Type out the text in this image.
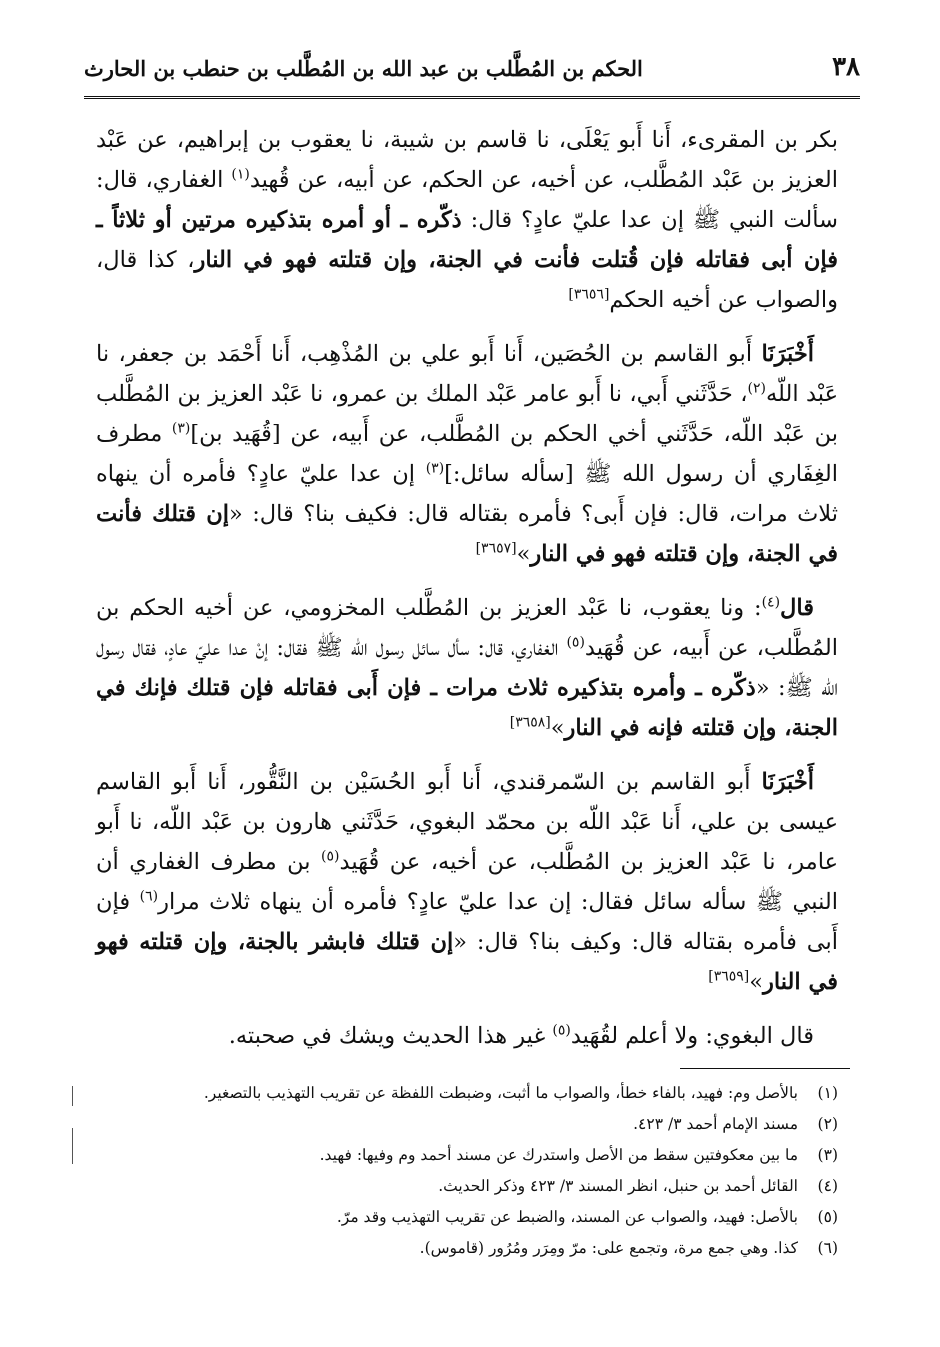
٣٨
الحكم بن المُطَّلب بن عبد الله بن المُطَّلب بن حنطب بن الحارث

بكر بن المقرىء، أَنا أَبو يَعْلَى، نا قاسم بن شيبة، نا يعقوب بن إبراهيم، عن عَبْد العزيز بن عَبْد المُطَّلب، عن أخيه، عن الحكم، عن أبيه، عن قُهيد$^{(١)}$ الغفاري، قال: سألت النبي ﷺ إن عدا عليّ عادٍ؟ قال: ذكّره ـ أو أمره بتذكيره مرتين أو ثلاثاً ـ فإن أبى فقاتله فإن قُتلت فأنت في الجنة، وإن قتلته فهو في النار، كذا قال، والصواب عن أخيه الحكم[٣٦٥٦]

أَخْبَرَنَا أَبو القاسم بن الحُصَين، أَنا أَبو علي بن المُذْهِب، أَنا أَحْمَد بن جعفر، نا عَبْد اللّه$^{(٢)}$، حَدَّثَني أَبي، نا أَبو عامر عَبْد الملك بن عمرو، نا عَبْد العزيز بن المُطَّلب بن عَبْد اللّه، حَدَّثَني أخي الحكم بن المُطَّلب، عن أَبيه، عن [قُهَيد بن]$^{(٣)}$ مطرف الغِفَاري أن رسول الله ﷺ [سأله سائل:]$^{(٣)}$ إن عدا عليّ عادٍ؟ فأمره أن ينهاه ثلاث مرات، قال: فإن أَبى؟ فأمره بقتاله قال: فكيف بنا؟ قال: «إن قتلك فأنت في الجنة، وإن قتلته فهو في النار»[٣٦٥٧]

قال$^{(٤)}$: ونا يعقوب، نا عَبْد العزيز بن المُطَّلب المخزومي، عن أخيه الحكم بن المُطَّلب، عن أَبيه، عن قُهَيد$^{(٥)}$ الغفاري، قال: سأل سائل رسول الله ﷺ فقال: إنْ عدا عليّ عادٍ، فقال رسول الله ﷺ: «ذكّره ـ وأمره بتذكيره ثلاث مرات ـ فإن أَبى فقاتله فإن قتلك فإنك في الجنة، وإن قتلته فإنه في النار»[٣٦٥٨]

أَخْبَرَنَا أَبو القاسم بن السّمرقندي، أَنا أَبو الحُسَيْن بن النَّقُّور، أَنا أَبو القاسم عيسى بن علي، أَنا عَبْد اللّه بن محمّد البغوي، حَدَّثَني هارون بن عَبْد اللّه، نا أَبو عامر، نا عَبْد العزيز بن المُطَّلب، عن أخيه، عن قُهَيد$^{(٥)}$ بن مطرف الغفاري أن النبي ﷺ سأله سائل فقال: إن عدا عليّ عادٍ؟ فأمره أن ينهاه ثلاث مرار$^{(٦)}$ فإن أَبى فأمره بقتاله قال: وكيف بنا؟ قال: «إن قتلك فابشر بالجنة، وإن قتلته فهو في النار»[٣٦٥٩]

قال البغوي: ولا أعلم لقُهَيد$^{(٥)}$ غير هذا الحديث ويشك في صحبته.

(١)بالأصل وم: فهيد، بالفاء خطأ، والصواب ما أثبت، وضبطت اللفظة عن تقريب التهذيب بالتصغير.
(٢)مسند الإمام أحمد ٣/ ٤٢٣.
(٣)ما بين معكوفتين سقط من الأصل واستدرك عن مسند أحمد وم وفيها: فهيد.
(٤)القائل أحمد بن حنبل، انظر المسند ٣/ ٤٢٣ وذكر الحديث.
(٥)بالأصل: فهيد، والصواب عن المسند، والضبط عن تقريب التهذيب وقد مرّ.
(٦)كذا. وهي جمع مرة، وتجمع على: مرّ ومِرَر ومُرُور (قاموس).
